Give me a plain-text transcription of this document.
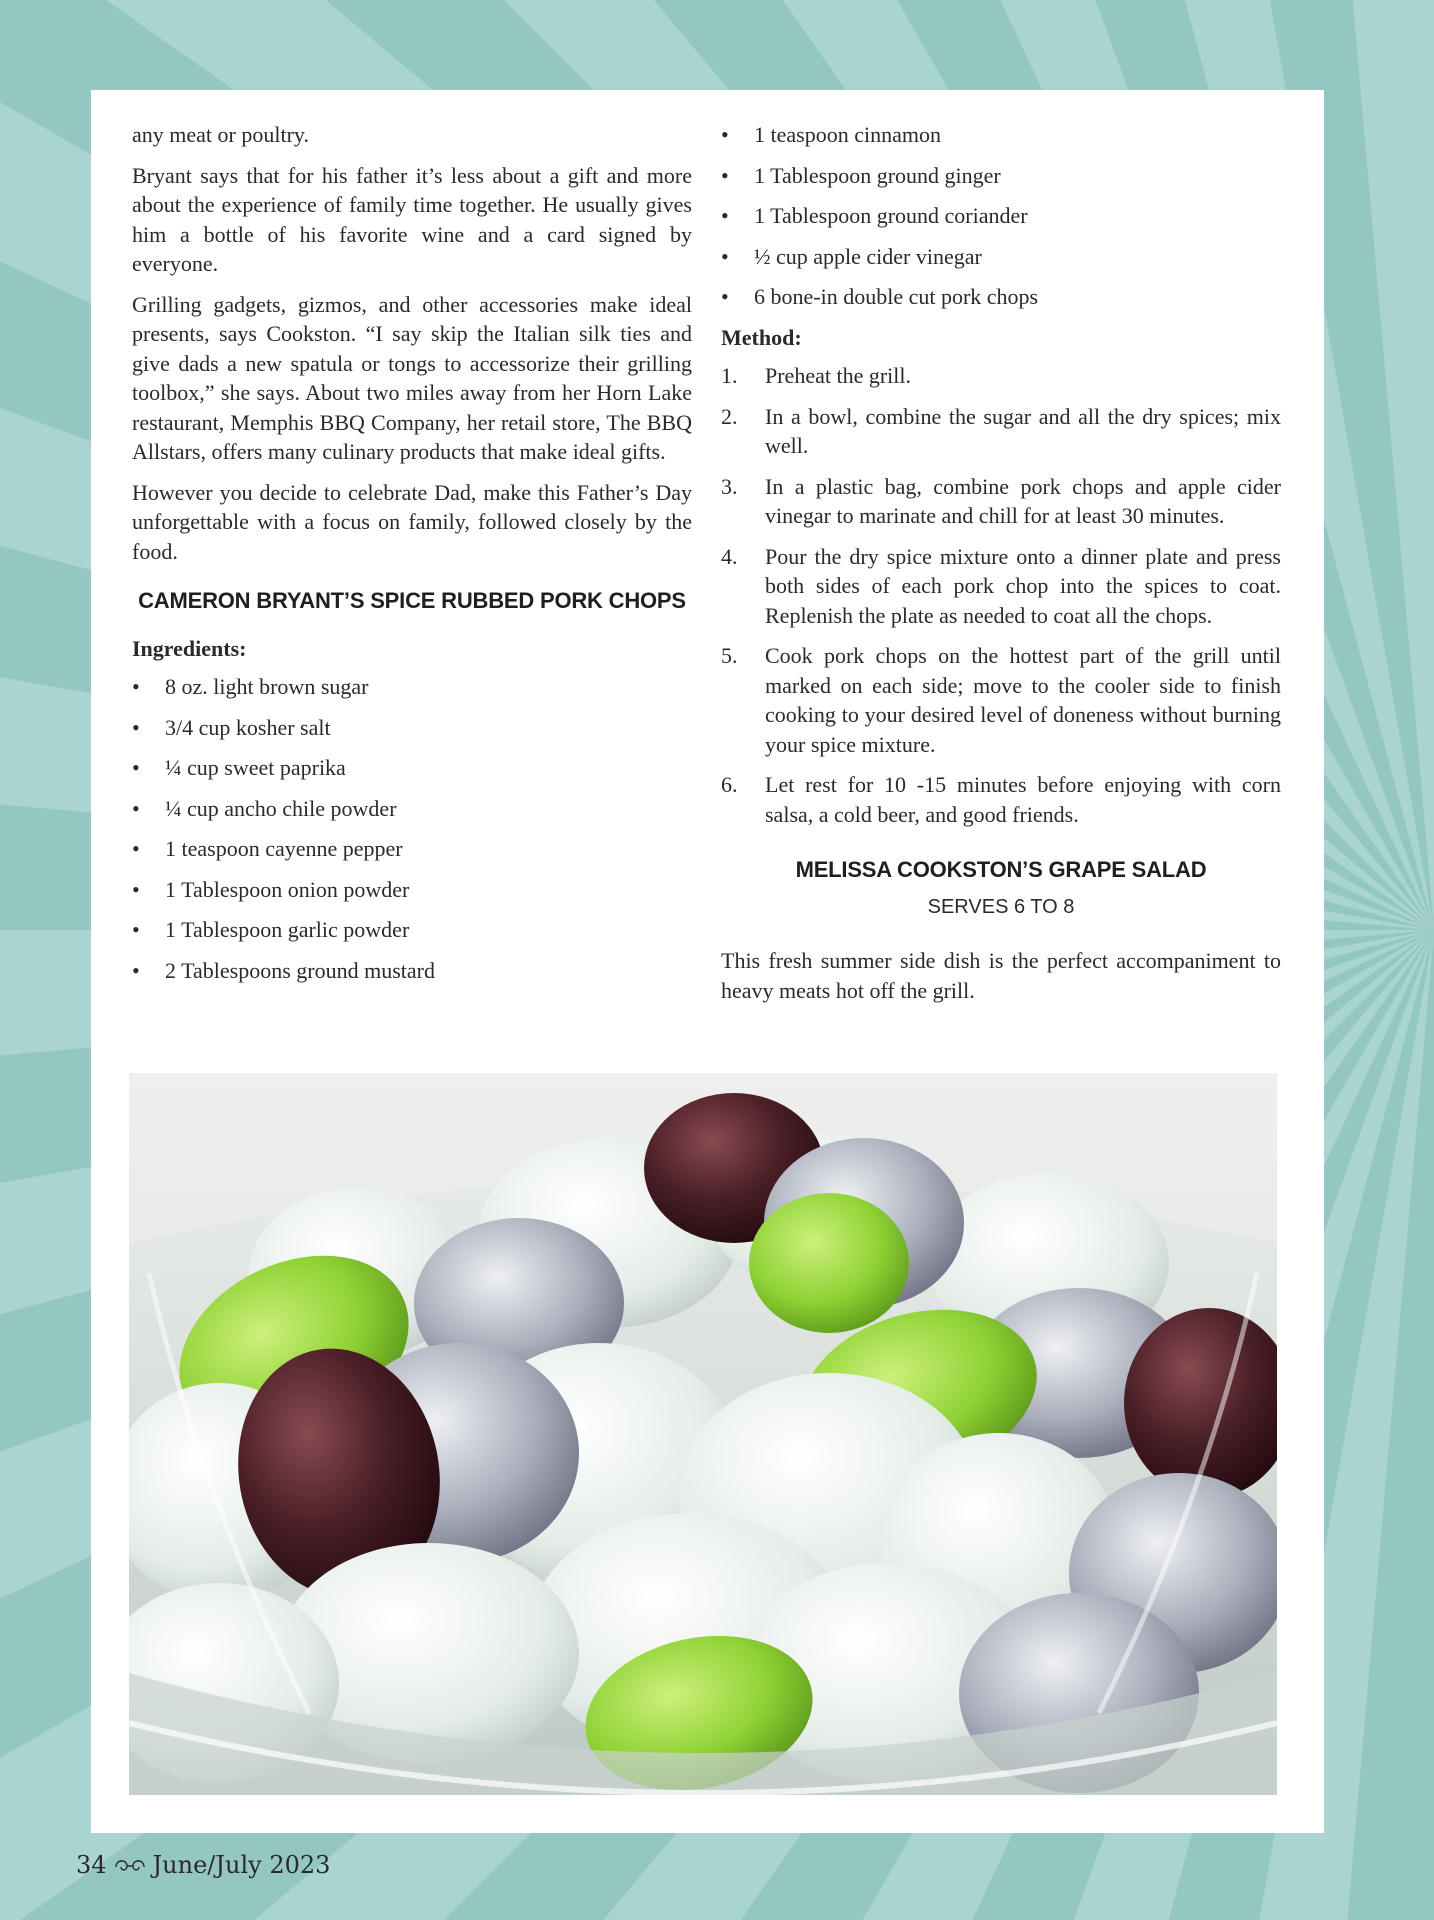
any meat or poultry.

Bryant says that for his father it’s less about a gift and more about the experience of family time together. He usually gives him a bottle of his favorite wine and a card signed by everyone.

Grilling gadgets, gizmos, and other accessories make ideal presents, says Cookston. “I say skip the Italian silk ties and give dads a new spatula or tongs to accessorize their grilling toolbox,” she says. About two miles away from her Horn Lake restaurant, Memphis BBQ Company, her retail store, The BBQ Allstars, offers many culinary products that make ideal gifts.

However you decide to celebrate Dad, make this Father’s Day unforgettable with a focus on family, followed closely by the food.

CAMERON BRYANT’S SPICE RUBBED PORK CHOPS
Ingredients:
• 8 oz. light brown sugar
• 3/4 cup kosher salt
• ¼ cup sweet paprika
• ¼ cup ancho chile powder
• 1 teaspoon cayenne pepper
• 1 Tablespoon onion powder
• 1 Tablespoon garlic powder
• 2 Tablespoons ground mustard
• 1 teaspoon cinnamon
• 1 Tablespoon ground ginger
• 1 Tablespoon ground coriander
• ½ cup apple cider vinegar
• 6 bone-in double cut pork chops
Method:
1. Preheat the grill.
2. In a bowl, combine the sugar and all the dry spices; mix well.
3. In a plastic bag, combine pork chops and apple cider vinegar to marinate and chill for at least 30 minutes.
4. Pour the dry spice mixture onto a dinner plate and press both sides of each pork chop into the spices to coat. Replenish the plate as needed to coat all the chops.
5. Cook pork chops on the hottest part of the grill until marked on each side; move to the cooler side to finish cooking to your desired level of doneness without burning your spice mixture.
6. Let rest for 10 -15 minutes before enjoying with corn salsa, a cold beer, and good friends.
MELISSA COOKSTON’S GRAPE SALAD
SERVES 6 TO 8

This fresh summer side dish is the perfect accompaniment to heavy meats hot off the grill.

34 June/July 2023
